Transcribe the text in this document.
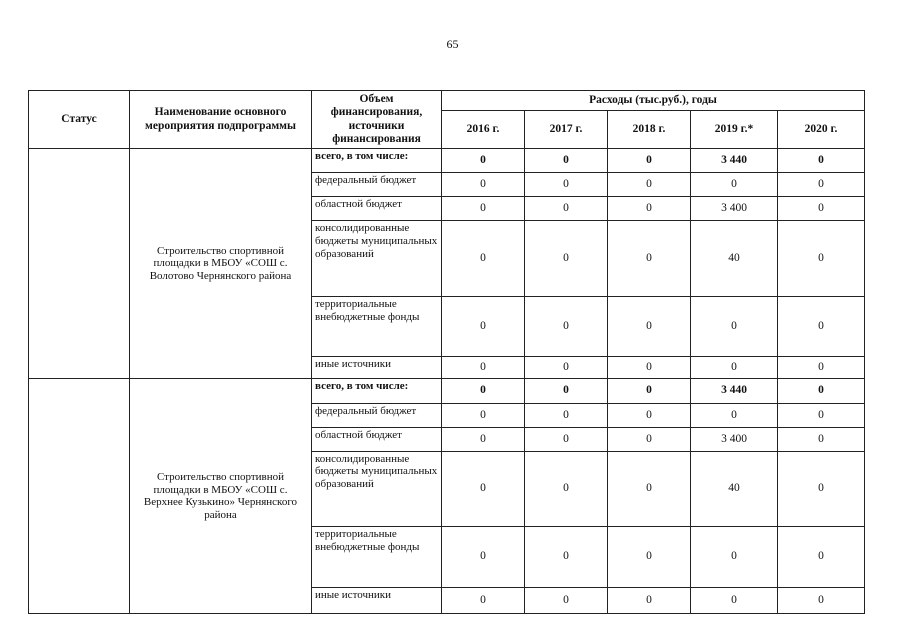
65
Статус	Наименование основного мероприятия подпрограммы	Объем финансирования, источники финансирования	Расходы (тыс.руб.), годы				
			2016 г.	2017 г.	2018 г.	2019 г.*	2020 г.
	Строительство спортивной площадки в МБОУ «СОШ с. Волотово Чернянского района	всего, в том числе:	0	0	0	3 440	0
		федеральный бюджет	0	0	0	0	0
		областной бюджет	0	0	0	3 400	0
		консолидированные бюджеты муниципальных образований	0	0	0	40	0
		территориальные внебюджетные фонды	0	0	0	0	0
		иные источники	0	0	0	0	0
	Строительство спортивной площадки в МБОУ «СОШ с. Верхнее Кузькино» Чернянского района	всего, в том числе:	0	0	0	3 440	0
		федеральный бюджет	0	0	0	0	0
		областной бюджет	0	0	0	3 400	0
		консолидированные бюджеты муниципальных образований	0	0	0	40	0
		территориальные внебюджетные фонды	0	0	0	0	0
		иные источники	0	0	0	0	0
